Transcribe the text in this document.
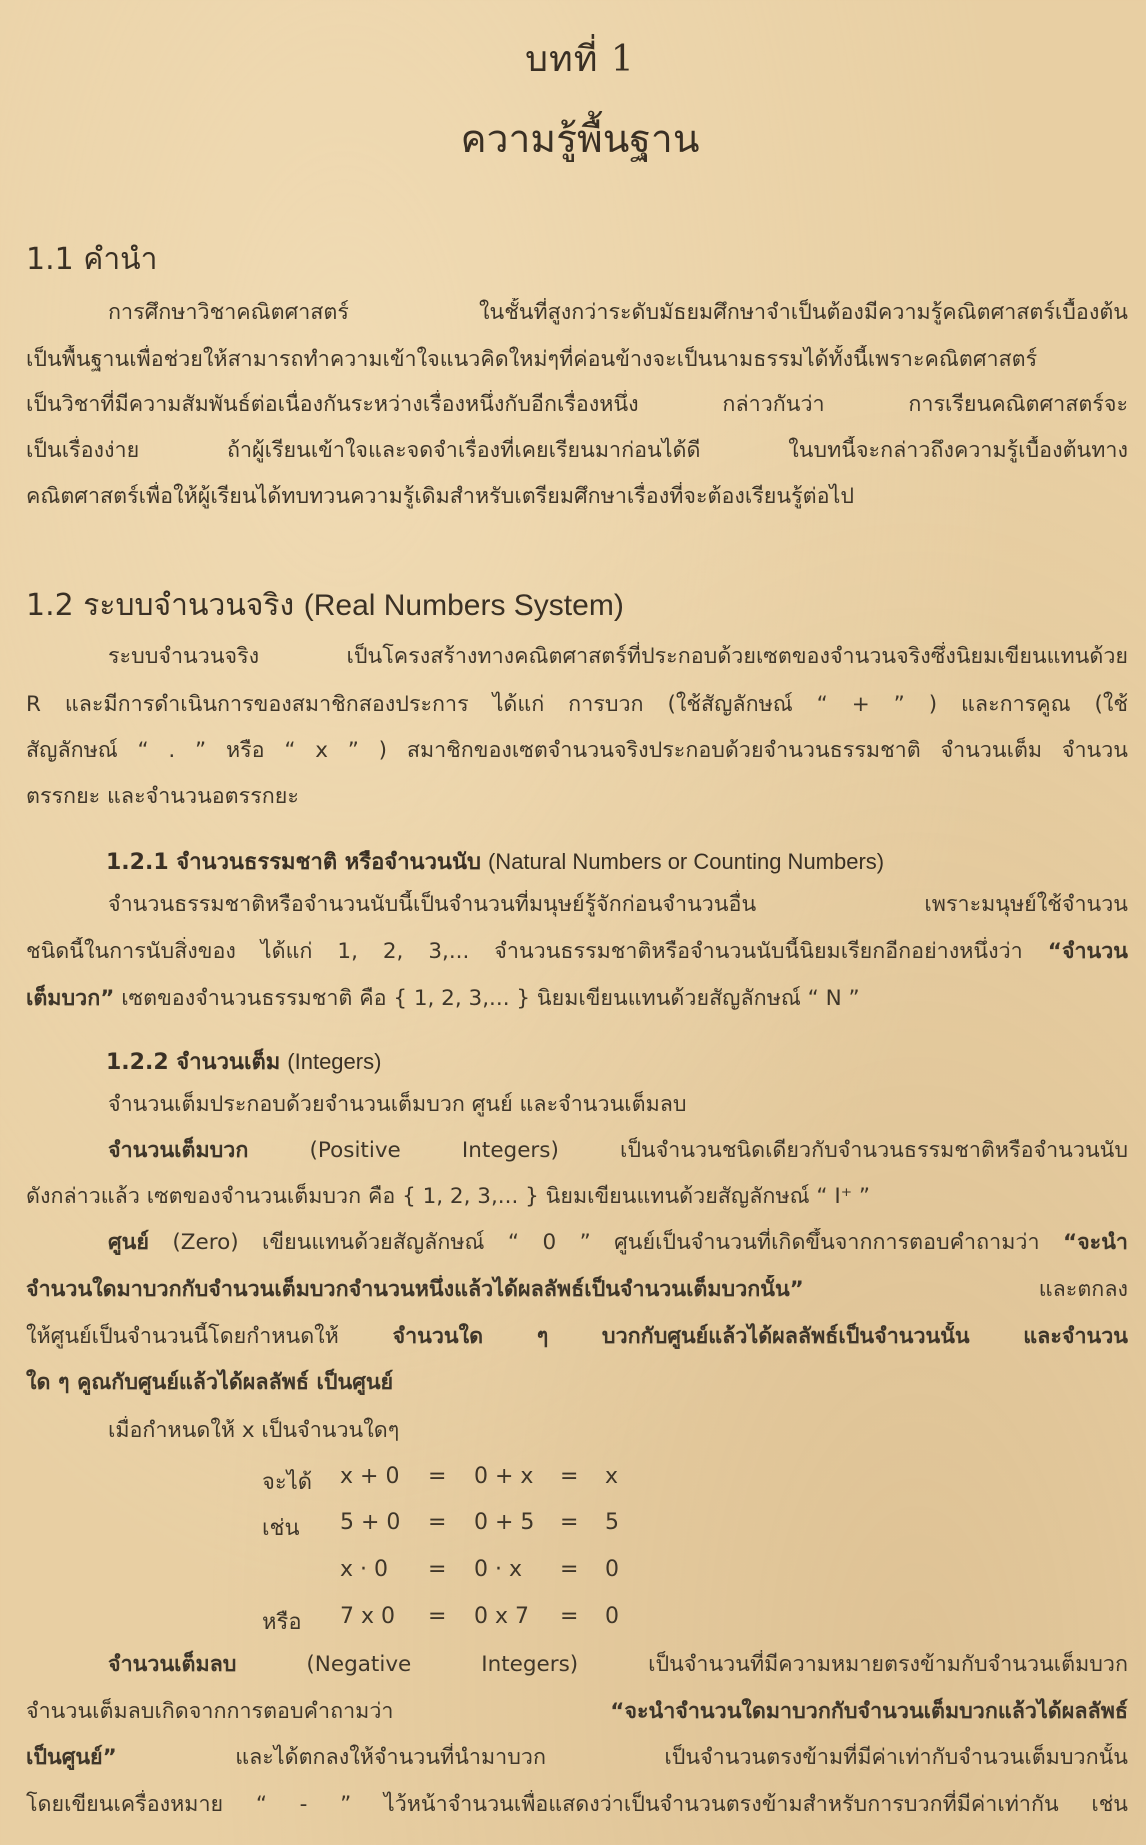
บทที่ 1
ความรู้พื้นฐาน
1.1 คำนำ
การศึกษาวิชาคณิตศาสตร์ ในชั้นที่สูงกว่าระดับมัธยมศึกษาจำเป็นต้องมีความรู้คณิตศาสตร์เบื้องต้น
เป็นพื้นฐานเพื่อช่วยให้สามารถทำความเข้าใจแนวคิดใหม่ๆที่ค่อนข้างจะเป็นนามธรรมได้ทั้งนี้เพราะคณิตศาสตร์
เป็นวิชาที่มีความสัมพันธ์ต่อเนื่องกันระหว่างเรื่องหนึ่งกับอีกเรื่องหนึ่ง กล่าวกันว่า การเรียนคณิตศาสตร์จะ
เป็นเรื่องง่าย ถ้าผู้เรียนเข้าใจและจดจำเรื่องที่เคยเรียนมาก่อนได้ดี ในบทนี้จะกล่าวถึงความรู้เบื้องต้นทาง
คณิตศาสตร์เพื่อให้ผู้เรียนได้ทบทวนความรู้เดิมสำหรับเตรียมศึกษาเรื่องที่จะต้องเรียนรู้ต่อไป
1.2 ระบบจำนวนจริง (Real Numbers System)
ระบบจำนวนจริง เป็นโครงสร้างทางคณิตศาสตร์ที่ประกอบด้วยเซตของจำนวนจริงซึ่งนิยมเขียนแทนด้วย
R และมีการดำเนินการของสมาชิกสองประการ ได้แก่ การบวก (ใช้สัญลักษณ์ “ + ” ) และการคูณ (ใช้
สัญลักษณ์ “ . ” หรือ “ x ” ) สมาชิกของเซตจำนวนจริงประกอบด้วยจำนวนธรรมชาติ จำนวนเต็ม จำนวน
ตรรกยะ และจำนวนอตรรกยะ
1.2.1 จำนวนธรรมชาติ หรือจำนวนนับ (Natural Numbers or Counting Numbers)
จำนวนธรรมชาติหรือจำนวนนับนี้เป็นจำนวนที่มนุษย์รู้จักก่อนจำนวนอื่น เพราะมนุษย์ใช้จำนวน
ชนิดนี้ในการนับสิ่งของ ได้แก่ 1, 2, 3,... จำนวนธรรมชาติหรือจำนวนนับนี้นิยมเรียกอีกอย่างหนึ่งว่า “จำนวน
เต็มบวก” เซตของจำนวนธรรมชาติ คือ { 1, 2, 3,... } นิยมเขียนแทนด้วยสัญลักษณ์ “ N ”
1.2.2 จำนวนเต็ม (Integers)
จำนวนเต็มประกอบด้วยจำนวนเต็มบวก ศูนย์ และจำนวนเต็มลบ
จำนวนเต็มบวก (Positive Integers) เป็นจำนวนชนิดเดียวกับจำนวนธรรมชาติหรือจำนวนนับ
ดังกล่าวแล้ว เซตของจำนวนเต็มบวก คือ { 1, 2, 3,... } นิยมเขียนแทนด้วยสัญลักษณ์ “ I⁺ ”
ศูนย์ (Zero) เขียนแทนด้วยสัญลักษณ์ “ 0 ” ศูนย์เป็นจำนวนที่เกิดขึ้นจากการตอบคำถามว่า “จะนำ
จำนวนใดมาบวกกับจำนวนเต็มบวกจำนวนหนึ่งแล้วได้ผลลัพธ์เป็นจำนวนเต็มบวกนั้น” และตกลง
ให้ศูนย์เป็นจำนวนนี้โดยกำหนดให้ จำนวนใด ๆ บวกกับศูนย์แล้วได้ผลลัพธ์เป็นจำนวนนั้น และจำนวน
ใด ๆ คูณกับศูนย์แล้วได้ผลลัพธ์ เป็นศูนย์
เมื่อกำหนดให้ x เป็นจำนวนใดๆ
จะได้ x + 0 = 0 + x = x
เช่น 5 + 0 = 0 + 5 = 5
x · 0 = 0 · x = 0
หรือ 7 x 0 = 0 x 7 = 0
จำนวนเต็มลบ (Negative Integers) เป็นจำนวนที่มีความหมายตรงข้ามกับจำนวนเต็มบวก
จำนวนเต็มลบเกิดจากการตอบคำถามว่า “จะนำจำนวนใดมาบวกกับจำนวนเต็มบวกแล้วได้ผลลัพธ์
เป็นศูนย์” และได้ตกลงให้จำนวนที่นำมาบวก เป็นจำนวนตรงข้ามที่มีค่าเท่ากับจำนวนเต็มบวกนั้น
โดยเขียนเครื่องหมาย “ - ” ไว้หน้าจำนวนเพื่อแสดงว่าเป็นจำนวนตรงข้ามสำหรับการบวกที่มีค่าเท่ากัน เช่น
